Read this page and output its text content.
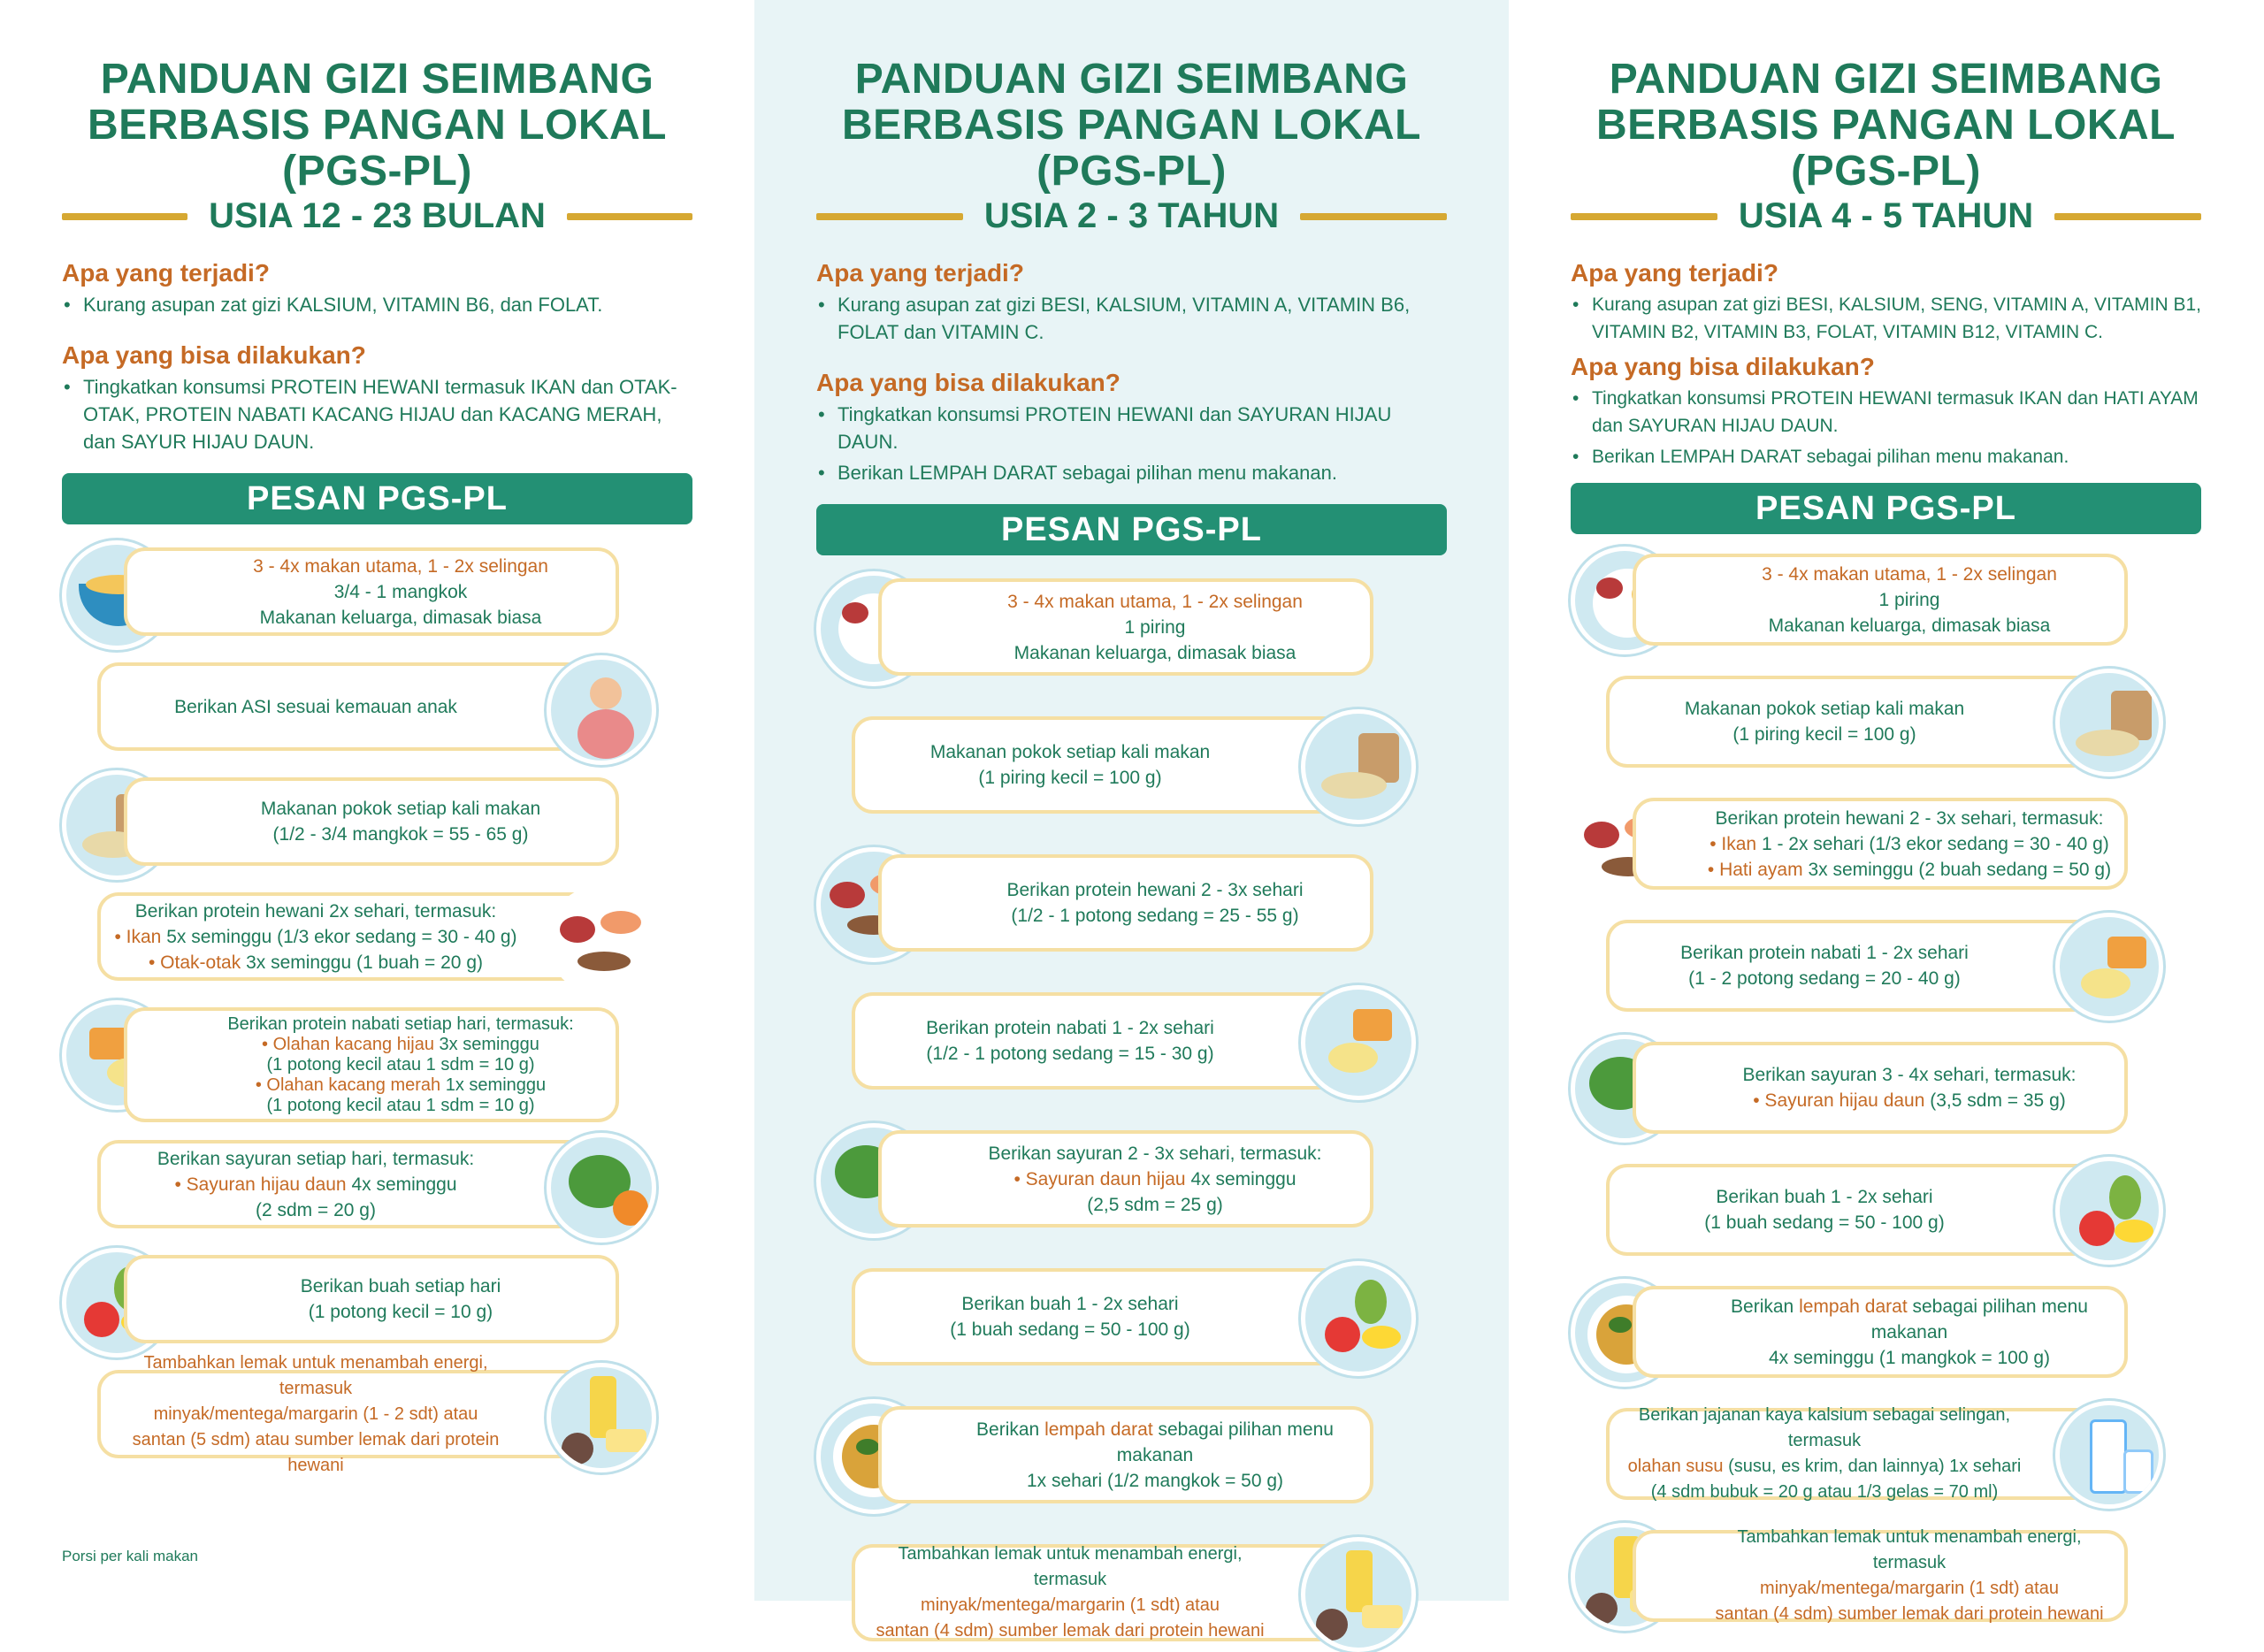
PANDUAN GIZI SEIMBANG
BERBASIS PANGAN LOKAL (PGS-PL)
USIA 12 - 23 BULAN
Apa yang terjadi?
• Kurang asupan zat gizi KALSIUM, VITAMIN B6, dan FOLAT.
Apa yang bisa dilakukan?
• Tingkatkan konsumsi PROTEIN HEWANI termasuk IKAN dan OTAK-OTAK, PROTEIN NABATI KACANG HIJAU dan KACANG MERAH, dan SAYUR HIJAU DAUN.
PESAN PGS-PL
3 - 4x makan utama, 1 - 2x selingan
3/4 - 1 mangkok
Makanan keluarga, dimasak biasa
Berikan ASI sesuai kemauan anak
Makanan pokok setiap kali makan
(1/2 - 3/4 mangkok = 55 - 65 g)
Berikan protein hewani 2x sehari, termasuk:
• Ikan 5x seminggu (1/3 ekor sedang = 30 - 40 g)
• Otak-otak 3x seminggu (1 buah = 20 g)
Berikan protein nabati setiap hari, termasuk:
• Olahan kacang hijau 3x seminggu
(1 potong kecil atau 1 sdm = 10 g)
• Olahan kacang merah 1x seminggu
(1 potong kecil atau 1 sdm = 10 g)
Berikan sayuran setiap hari, termasuk:
• Sayuran hijau daun 4x seminggu
(2 sdm = 20 g)
Berikan buah setiap hari
(1 potong kecil = 10 g)
Tambahkan lemak untuk menambah energi, termasuk
minyak/mentega/margarin (1 - 2 sdt) atau
santan (5 sdm) atau sumber lemak dari protein hewani
Porsi per kali makan
PANDUAN GIZI SEIMBANG
BERBASIS PANGAN LOKAL (PGS-PL)
USIA 2 - 3 TAHUN
Apa yang terjadi?
• Kurang asupan zat gizi BESI, KALSIUM, VITAMIN A, VITAMIN B6, FOLAT dan VITAMIN C.
Apa yang bisa dilakukan?
• Tingkatkan konsumsi PROTEIN HEWANI dan SAYURAN HIJAU DAUN.
• Berikan LEMPAH DARAT sebagai pilihan menu makanan.
PESAN PGS-PL
3 - 4x makan utama, 1 - 2x selingan
1 piring
Makanan keluarga, dimasak biasa
Makanan pokok setiap kali makan
(1 piring kecil = 100 g)
Berikan protein hewani 2 - 3x sehari
(1/2 - 1 potong sedang = 25 - 55 g)
Berikan protein nabati 1 - 2x sehari
(1/2 - 1 potong sedang = 15 - 30 g)
Berikan sayuran 2 - 3x sehari, termasuk:
• Sayuran daun hijau 4x seminggu
(2,5 sdm = 25 g)
Berikan buah 1 - 2x sehari
(1 buah sedang = 50 - 100 g)
Berikan lempah darat sebagai pilihan menu makanan
1x sehari (1/2 mangkok = 50 g)
Tambahkan lemak untuk menambah energi, termasuk
minyak/mentega/margarin (1 sdt) atau
santan (4 sdm) sumber lemak dari protein hewani
PANDUAN GIZI SEIMBANG
BERBASIS PANGAN LOKAL (PGS-PL)
USIA 4 - 5 TAHUN
Apa yang terjadi?
• Kurang asupan zat gizi BESI, KALSIUM, SENG, VITAMIN A, VITAMIN B1, VITAMIN B2, VITAMIN B3, FOLAT, VITAMIN B12, VITAMIN C.
Apa yang bisa dilakukan?
• Tingkatkan konsumsi PROTEIN HEWANI termasuk IKAN dan HATI AYAM dan SAYURAN HIJAU DAUN.
• Berikan LEMPAH DARAT sebagai pilihan menu makanan.
PESAN PGS-PL
3 - 4x makan utama, 1 - 2x selingan
1 piring
Makanan keluarga, dimasak biasa
Makanan pokok setiap kali makan
(1 piring kecil = 100 g)
Berikan protein hewani 2 - 3x sehari, termasuk:
• Ikan 1 - 2x sehari (1/3 ekor sedang = 30 - 40 g)
• Hati ayam 3x seminggu (2 buah sedang = 50 g)
Berikan protein nabati 1 - 2x sehari
(1 - 2 potong sedang = 20 - 40 g)
Berikan sayuran 3 - 4x sehari, termasuk:
• Sayuran hijau daun (3,5 sdm = 35 g)
Berikan buah 1 - 2x sehari
(1 buah sedang = 50 - 100 g)
Berikan lempah darat sebagai pilihan menu makanan
4x seminggu (1 mangkok = 100 g)
Berikan jajanan kaya kalsium sebagai selingan, termasuk
olahan susu (susu, es krim, dan lainnya) 1x sehari
(4 sdm bubuk = 20 g atau 1/3 gelas = 70 ml)
Tambahkan lemak untuk menambah energi, termasuk
minyak/mentega/margarin (1 sdt) atau
santan (4 sdm) sumber lemak dari protein hewani
